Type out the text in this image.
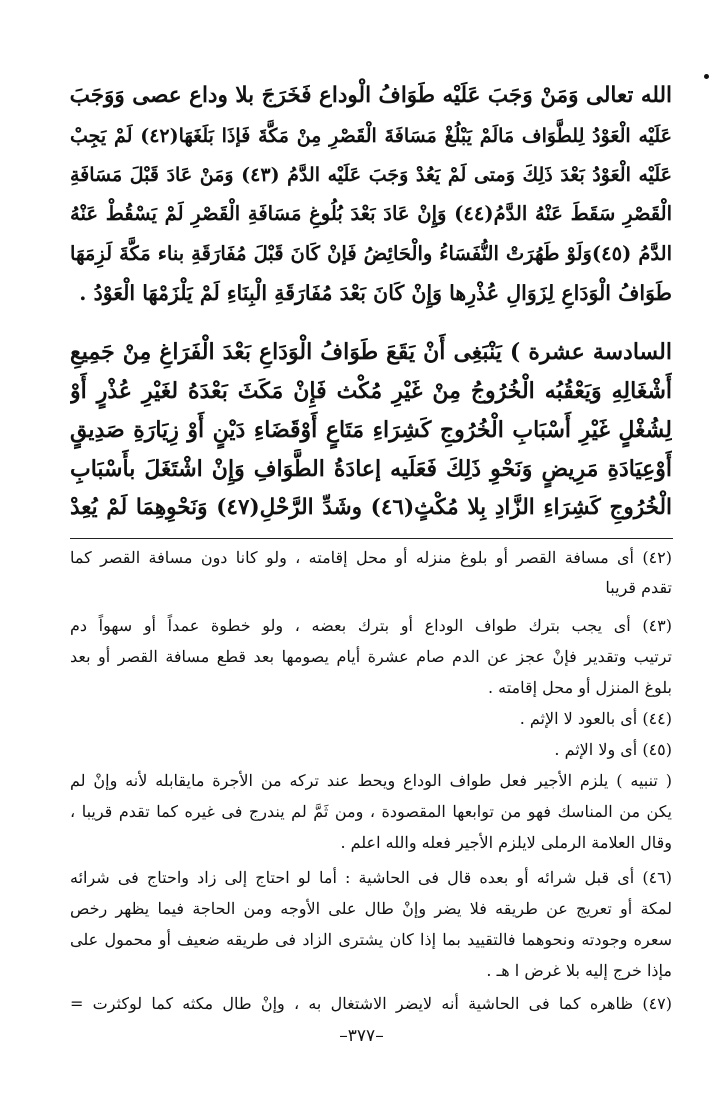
الله تعالى وَمَنْ وَجَبَ عَلَيْه طَوَافُ الْوداع فَخَرَجَ بلا وداع عصى وَوَجَبَ
عَلَيْه الْعَوْدُ لِلطَّوَاف مَالَمْ يَبْلُغْ مَسَافَةَ الْقَصْرِ مِنْ مَكَّةَ فَإذَا بَلَغَهَا(٤٢) لَمْ يَجِبْ
عَلَيْه الْعَوْدُ بَعْدَ ذَلِكَ وَمتى لَمْ يَعُدْ وَجَبَ عَلَيْه الدَّمُ (٤٣) وَمَنْ عَادَ قَبْلَ مَسَافَةِ
الْقَصْرِ سَقَطَ عَنْهُ الدَّمُ(٤٤) وَإِنْ عَادَ بَعْدَ بُلُوغِ مَسَافَةِ الْقَصْرِ لَمْ يَسْقُطْ عَنْهُ
الدَّمُ (٤٥)وَلَوْ طَهُرَتْ النُّفَسَاءُ والْحَائِضُ فَإنْ كَانَ قَبْلَ مُفَارَقَةِ بناء مَكَّةَ لَزِمَهَا
طَوَافُ الْوَدَاعِ لِزَوَالِ عُذْرِها وَإِنْ كَانَ بَعْدَ مُفَارَقَةِ الْبِنَاءِ لَمْ يَلْزَمْهَا الْعَوْدُ .
السادسة عشرة ) يَنْبَغِى أَنْ يَقَعَ طَوَافُ الْوَدَاعِ بَعْدَ الْفَرَاغِ مِنْ جَمِيعِ
أَشْغَالِهِ وَيَعْقُبُه الْخُرُوجُ مِنْ غَيْرِ مُكْث فَإِنْ مَكَثَ بَعْدَهُ لغَيْرِ عُذْرٍ أَوْ
لِشُغْلٍ غَيْرِ أَسْبَابِ الْخُرُوجِ كَشِرَاءِ مَتَاعٍ أَوْقَضَاءِ دَيْنٍ أَوْ زِيَارَةِ صَدِيقٍ
أَوْعِيَادَةِ مَرِيضٍ وَنَحْوِ ذَلِكَ فَعَلَيه إعادَةُ الطَّوَافِ وَإِنْ اشْتَغَلَ بأَسْبَابِ
الْخُرُوجِ كَشِرَاءِ الزَّادِ بِلا مُكْثٍ(٤٦) وشَدِّ الرَّحْلِ(٤٧) وَنَحْوِهِمَا لَمْ يُعِدْ
(٤٢) أى مسافة القصر أو بلوغ منزله أو محل إقامته ، ولو كانا دون مسافة القصر كما
تقدم قريبا
(٤٣) أى يجب بترك طواف الوداع أو بترك بعضه ، ولو خطوة عمداً أو سهواً دم
ترتيب وتقدير فإنْ عجز عن الدم صام عشرة أيام يصومها بعد قطع مسافة القصر أو بعد
بلوغ المنزل أو محل إقامته .
(٤٤) أى بالعود لا الإثم .
(٤٥) أى ولا الإثم .
( تنبيه ) يلزم الأجير فعل طواف الوداع ويحط عند تركه من الأجرة مايقابله لأنه وإنْ لم
يكن من المناسك فهو من توابعها المقصودة ، ومن ثَمَّ لم يندرج فى غيره كما تقدم قريبا ،
وقال العلامة الرملى لايلزم الأجير فعله والله اعلم .
(٤٦) أى قبل شرائه أو بعده قال فى الحاشية : أما لو احتاج إلى زاد واحتاج فى شرائه
لمكة أو تعريج عن طريقه فلا يضر وإنْ طال على الأوجه ومن الحاجة فيما يظهر رخص
سعره وجودته ونحوهما فالتقييد بما إذا كان يشترى الزاد فى طريقه ضعيف أو محمول على
مإذا خرج إليه بلا غرض ا هـ .
(٤٧) ظاهره كما فى الحاشية أنه لايضر الاشتغال به ، وإنْ طال مكثه كما لوكثرت =
–٣٧٧–
